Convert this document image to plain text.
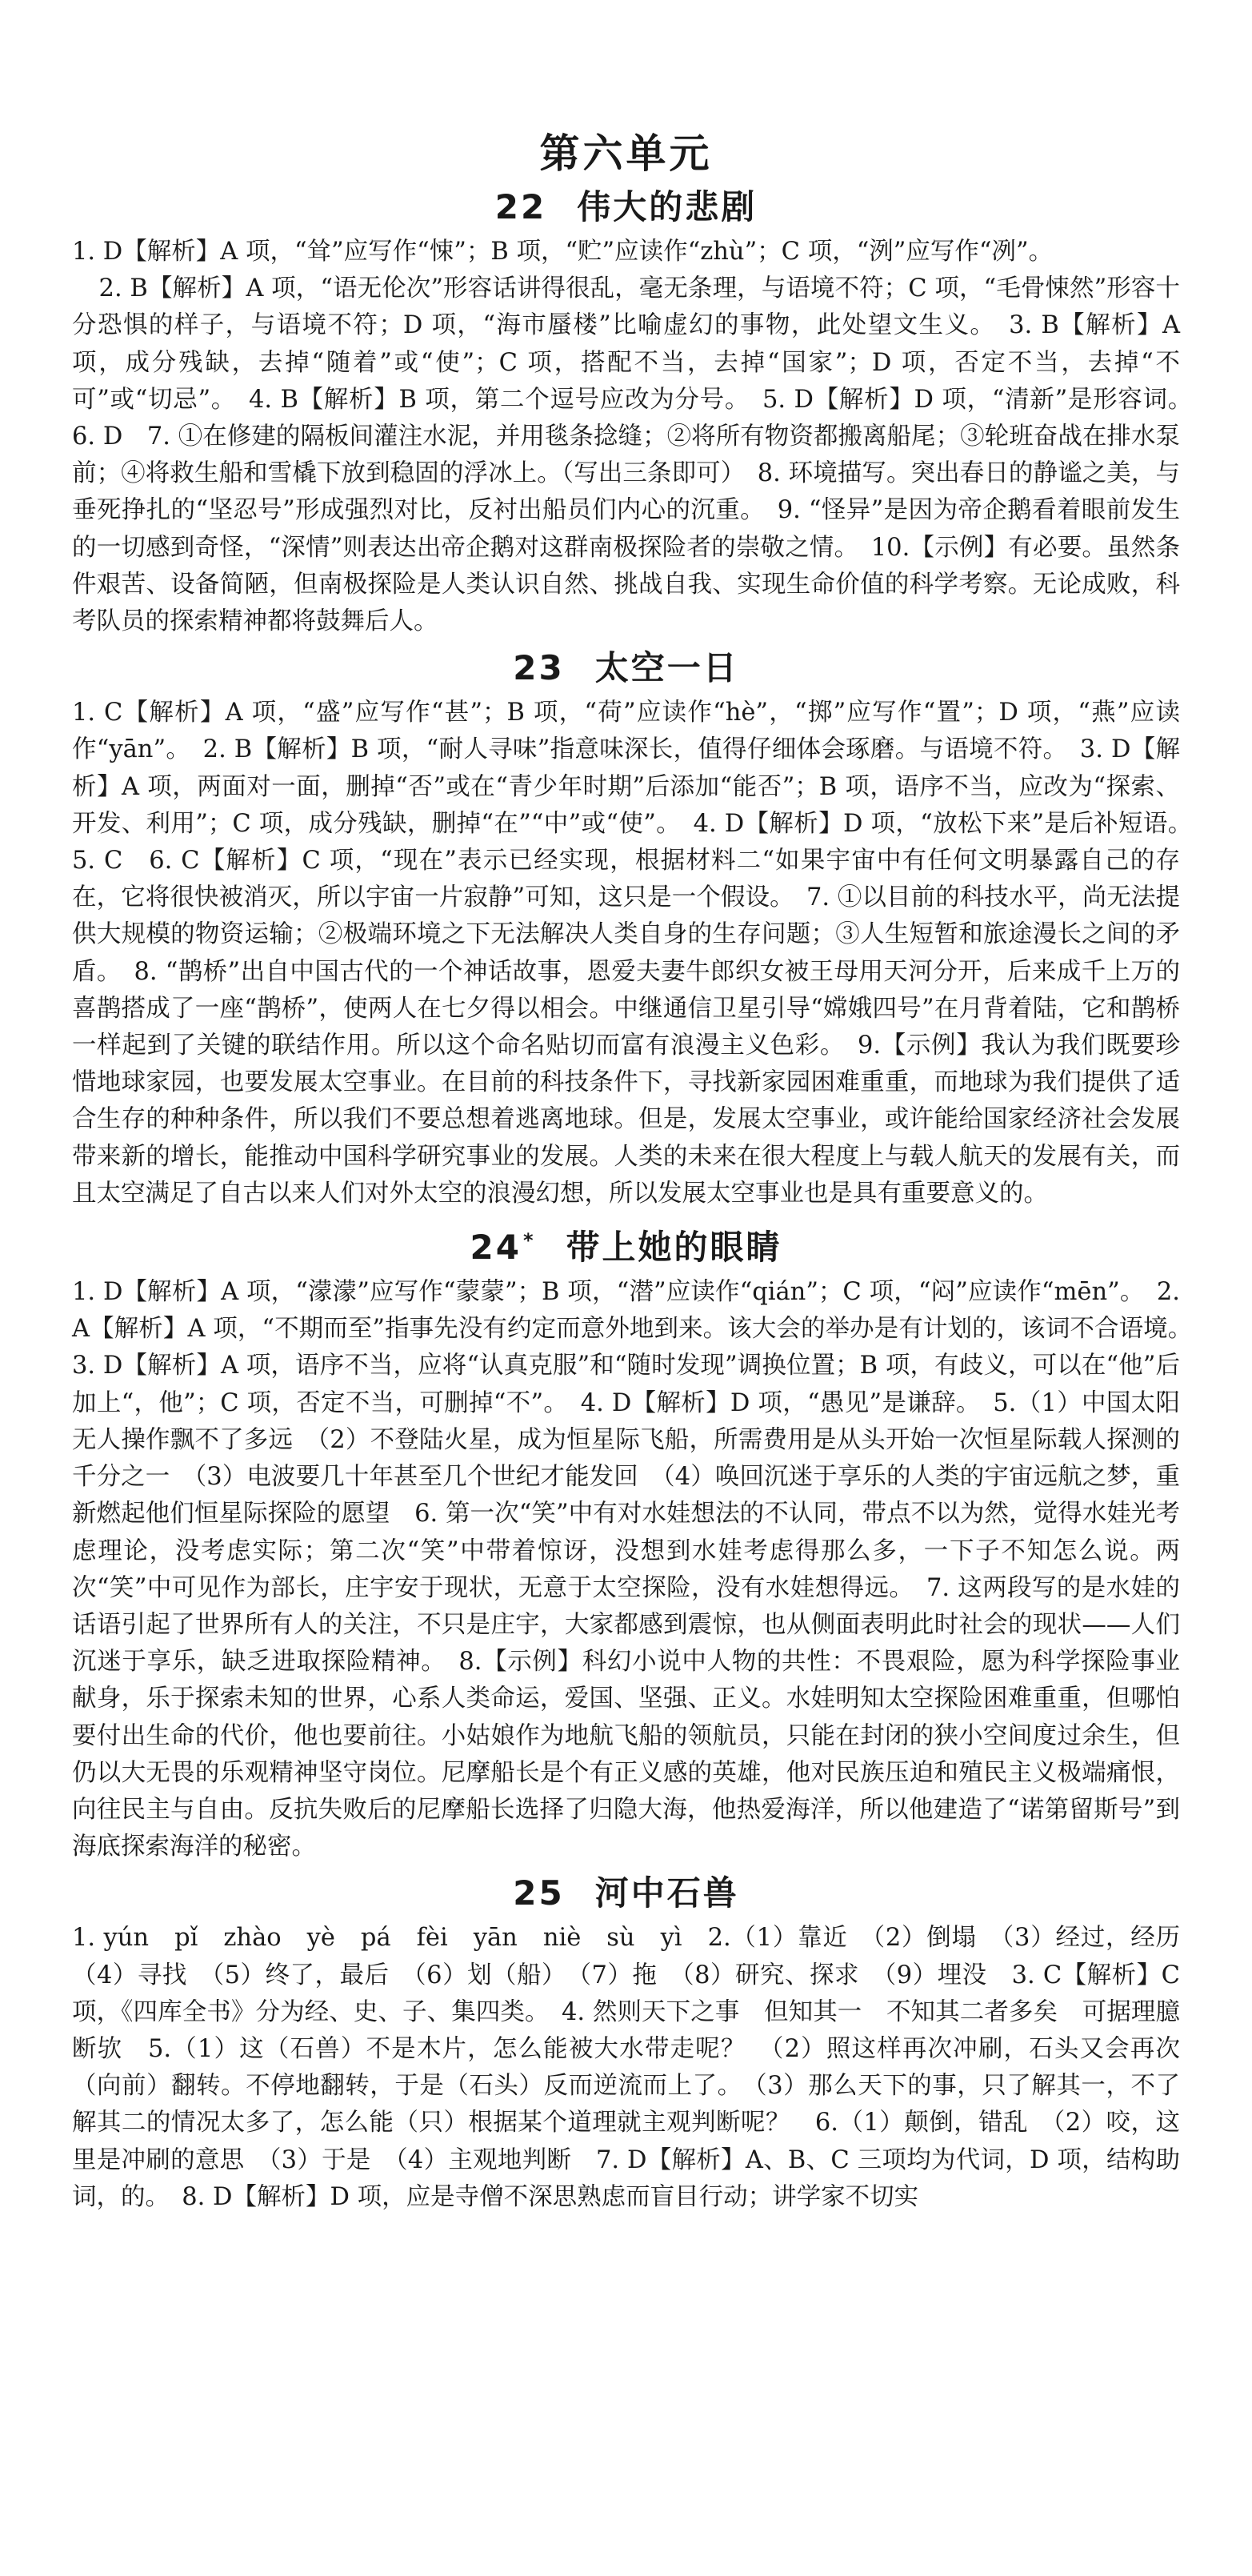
第六单元
22 伟大的悲剧

1. D【解析】A 项，“耸”应写作“悚”；B 项，“贮”应读作“zhù”；C 项，“洌”应写作“冽”。

2. B【解析】A 项，“语无伦次”形容话讲得很乱，毫无条理，与语境不符；C 项，“毛骨悚然”形容十分恐惧的样子，与语境不符；D 项，“海市蜃楼”比喻虚幻的事物，此处望文生义。　3. B【解析】A 项，成分残缺，去掉“随着”或“使”；C 项，搭配不当，去掉“国家”；D 项，否定不当，去掉“不可”或“切忌”。　4. B【解析】B 项，第二个逗号应改为分号。　5. D【解析】D 项，“清新”是形容词。　6. D　7. ①在修建的隔板间灌注水泥，并用毯条捻缝；②将所有物资都搬离船尾；③轮班奋战在排水泵前；④将救生船和雪橇下放到稳固的浮冰上。（写出三条即可）　8. 环境描写。突出春日的静谧之美，与垂死挣扎的“坚忍号”形成强烈对比，反衬出船员们内心的沉重。　9. “怪异”是因为帝企鹅看着眼前发生的一切感到奇怪，“深情”则表达出帝企鹅对这群南极探险者的崇敬之情。　10.【示例】有必要。虽然条件艰苦、设备简陋，但南极探险是人类认识自然、挑战自我、实现生命价值的科学考察。无论成败，科考队员的探索精神都将鼓舞后人。

23 太空一日

1. C【解析】A 项，“盛”应写作“甚”；B 项，“荷”应读作“hè”，“掷”应写作“置”；D 项，“燕”应读作“yān”。　2. B【解析】B 项，“耐人寻味”指意味深长，值得仔细体会琢磨。与语境不符。　3. D【解析】A 项，两面对一面，删掉“否”或在“青少年时期”后添加“能否”；B 项，语序不当，应改为“探索、开发、利用”；C 项，成分残缺，删掉“在”“中”或“使”。　4. D【解析】D 项，“放松下来”是后补短语。　5. C　6. C【解析】C 项，“现在”表示已经实现，根据材料二“如果宇宙中有任何文明暴露自己的存在，它将很快被消灭，所以宇宙一片寂静”可知，这只是一个假设。　7. ①以目前的科技水平，尚无法提供大规模的物资运输；②极端环境之下无法解决人类自身的生存问题；③人生短暂和旅途漫长之间的矛盾。　8. “鹊桥”出自中国古代的一个神话故事，恩爱夫妻牛郎织女被王母用天河分开，后来成千上万的喜鹊搭成了一座“鹊桥”，使两人在七夕得以相会。中继通信卫星引导“嫦娥四号”在月背着陆，它和鹊桥一样起到了关键的联结作用。所以这个命名贴切而富有浪漫主义色彩。　9.【示例】我认为我们既要珍惜地球家园，也要发展太空事业。在目前的科技条件下，寻找新家园困难重重，而地球为我们提供了适合生存的种种条件，所以我们不要总想着逃离地球。但是，发展太空事业，或许能给国家经济社会发展带来新的增长，能推动中国科学研究事业的发展。人类的未来在很大程度上与载人航天的发展有关，而且太空满足了自古以来人们对外太空的浪漫幻想，所以发展太空事业也是具有重要意义的。

24* 带上她的眼睛

1. D【解析】A 项，“濛濛”应写作“蒙蒙”；B 项，“潜”应读作“qián”；C 项，“闷”应读作“mēn”。　2. A【解析】A 项，“不期而至”指事先没有约定而意外地到来。该大会的举办是有计划的，该词不合语境。　3. D【解析】A 项，语序不当，应将“认真克服”和“随时发现”调换位置；B 项，有歧义，可以在“他”后加上“，他”；C 项，否定不当，可删掉“不”。　4. D【解析】D 项，“愚见”是谦辞。　5.（1）中国太阳无人操作飘不了多远　（2）不登陆火星，成为恒星际飞船，所需费用是从头开始一次恒星际载人探测的千分之一　（3）电波要几十年甚至几个世纪才能发回　（4）唤回沉迷于享乐的人类的宇宙远航之梦，重新燃起他们恒星际探险的愿望　6. 第一次“笑”中有对水娃想法的不认同，带点不以为然，觉得水娃光考虑理论，没考虑实际；第二次“笑”中带着惊讶，没想到水娃考虑得那么多，一下子不知怎么说。两次“笑”中可见作为部长，庄宇安于现状，无意于太空探险，没有水娃想得远。　7. 这两段写的是水娃的话语引起了世界所有人的关注，不只是庄宇，大家都感到震惊，也从侧面表明此时社会的现状——人们沉迷于享乐，缺乏进取探险精神。　8.【示例】科幻小说中人物的共性：不畏艰险，愿为科学探险事业献身，乐于探索未知的世界，心系人类命运，爱国、坚强、正义。水娃明知太空探险困难重重，但哪怕要付出生命的代价，他也要前往。小姑娘作为地航飞船的领航员，只能在封闭的狭小空间度过余生，但仍以大无畏的乐观精神坚守岗位。尼摩船长是个有正义感的英雄，他对民族压迫和殖民主义极端痛恨，向往民主与自由。反抗失败后的尼摩船长选择了归隐大海，他热爱海洋，所以他建造了“诺第留斯号”到海底探索海洋的秘密。

25 河中石兽

1. yún　pǐ　zhào　yè　pá　fèi　yān　niè　sù　yì　2.（1）靠近　（2）倒塌　（3）经过，经历　（4）寻找　（5）终了，最后　（6）划（船）　（7）拖　（8）研究、探求　（9）埋没　3. C【解析】C 项，《四库全书》分为经、史、子、集四类。　4. 然则天下之事　但知其一　不知其二者多矣　可据理臆断欤　5.（1）这（石兽）不是木片，怎么能被大水带走呢？　（2）照这样再次冲刷，石头又会再次（向前）翻转。不停地翻转，于是（石头）反而逆流而上了。　（3）那么天下的事，只了解其一，不了解其二的情况太多了，怎么能（只）根据某个道理就主观判断呢？　6.（1）颠倒，错乱　（2）咬，这里是冲刷的意思　（3）于是　（4）主观地判断　7. D【解析】A、B、C 三项均为代词，D 项，结构助词，的。　8. D【解析】D 项，应是寺僧不深思熟虑而盲目行动；讲学家不切实
